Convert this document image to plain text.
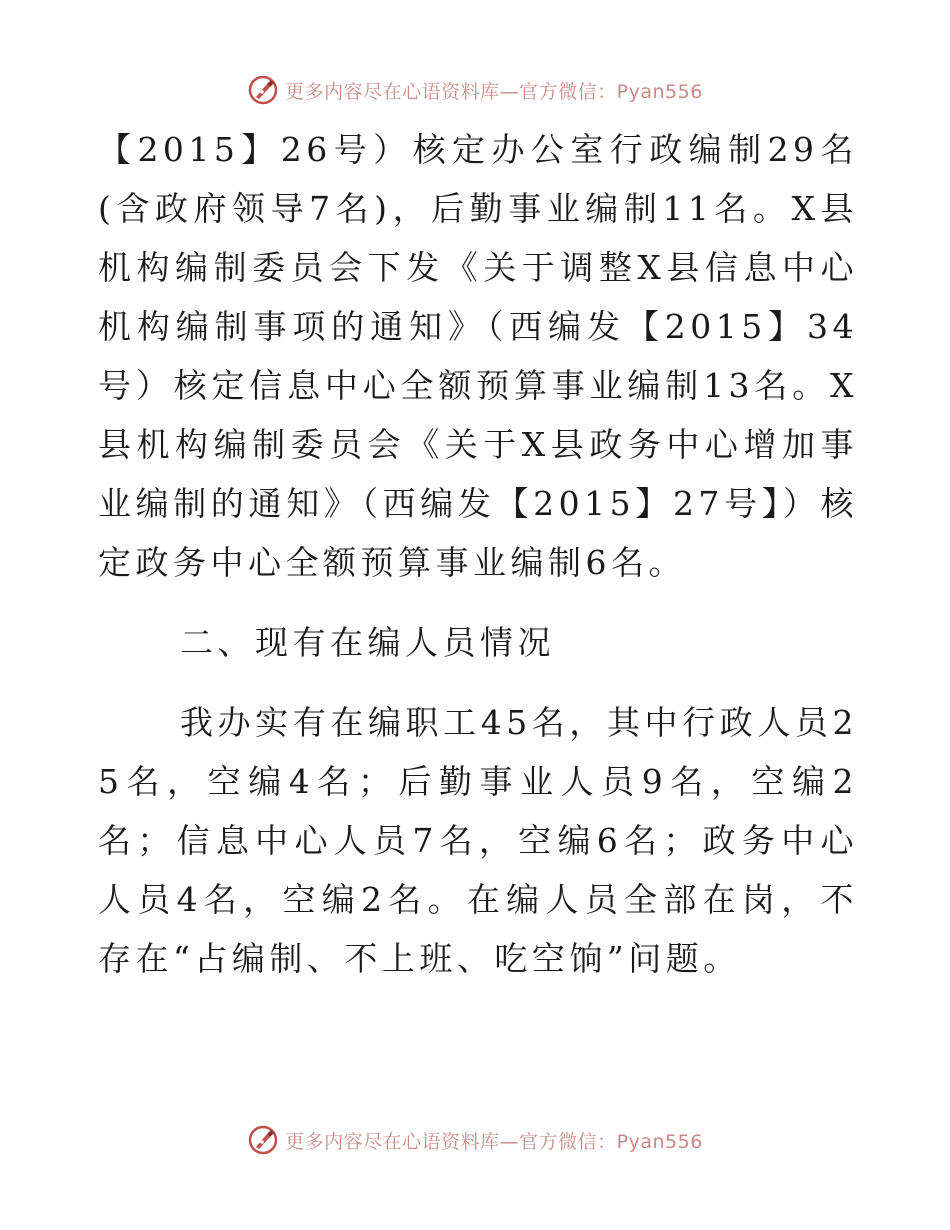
更多内容尽在心语资料库—官方微信：Pyan556

【2015】26号）核定办公室行政编制29名(含政府领导7名)，后勤事业编制11名。X县机构编制委员会下发《关于调整X县信息中心机构编制事项的通知》（西编发【2015】34号）核定信息中心全额预算事业编制13名。X县机构编制委员会《关于X县政务中心增加事业编制的通知》（西编发【2015】27号】）核定政务中心全额预算事业编制6名。

二、现有在编人员情况

我办实有在编职工45名，其中行政人员25名，空编4名；后勤事业人员9名，空编2名；信息中心人员7名，空编6名；政务中心人员4名，空编2名。在编人员全部在岗，不存在“占编制、不上班、吃空饷”问题。

更多内容尽在心语资料库—官方微信：Pyan556
